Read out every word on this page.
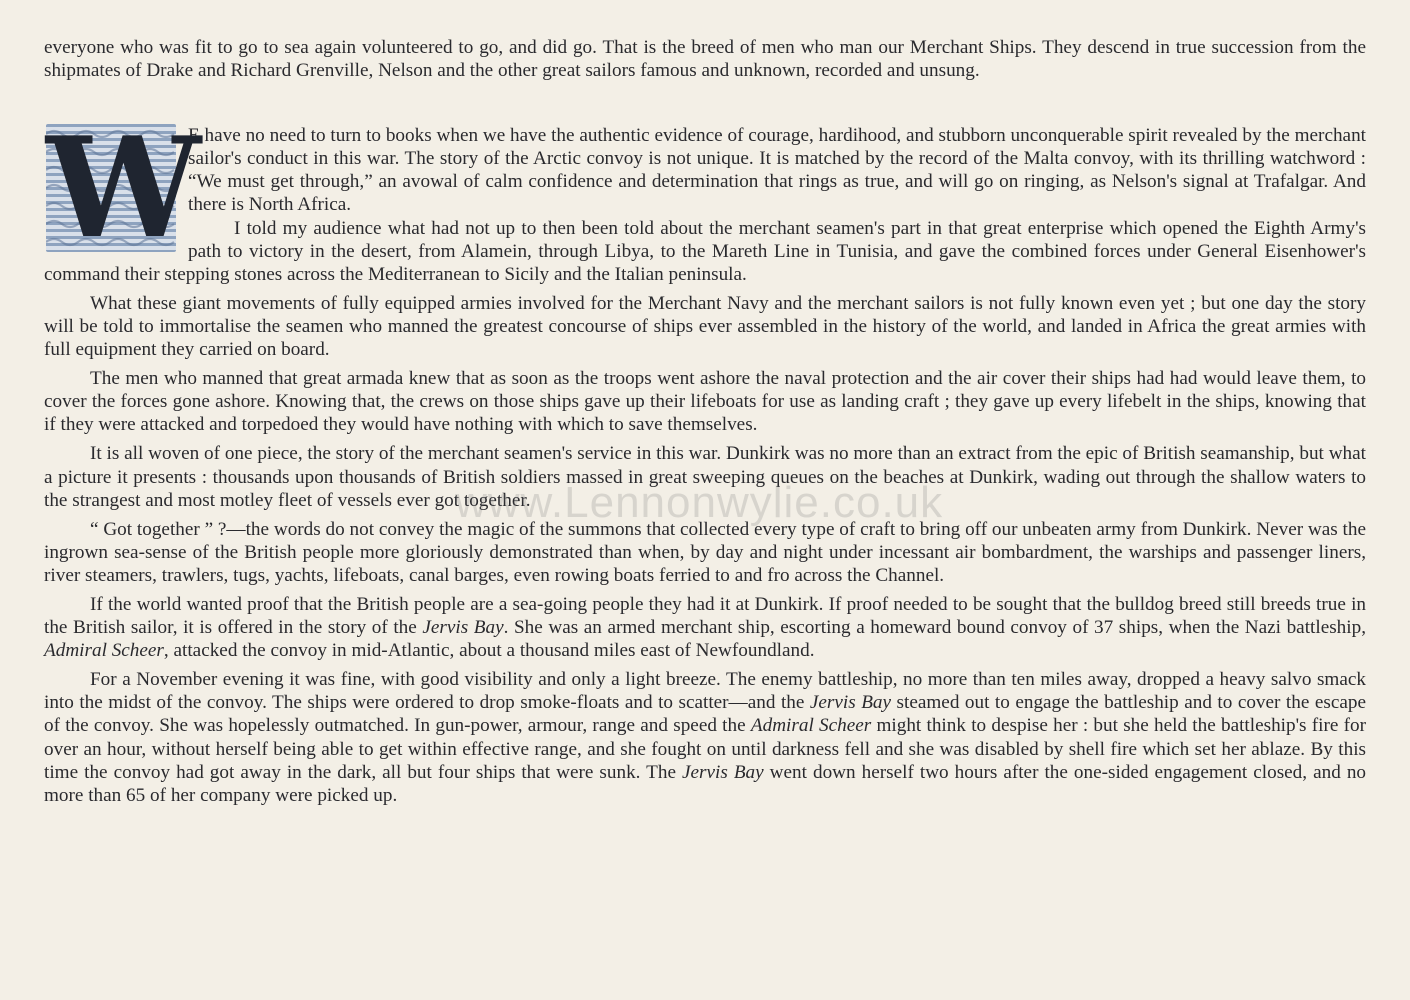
everyone who was fit to go to sea again volunteered to go, and did go. That is the breed of men who man our Merchant Ships. They descend in true succession from the shipmates of Drake and Richard Grenville, Nelson and the other great sailors famous and unknown, recorded and unsung.

W

E have no need to turn to books when we have the authentic evidence of courage, hardihood, and stubborn unconquerable spirit revealed by the merchant sailor's conduct in this war. The story of the Arctic convoy is not unique. It is matched by the record of the Malta convoy, with its thrilling watchword : “We must get through,” an avowal of calm confidence and determination that rings as true, and will go on ringing, as Nelson's signal at Trafalgar. And there is North Africa.

I told my audience what had not up to then been told about the merchant seamen's part in that great enterprise which opened the Eighth Army's path to victory in the desert, from Alamein, through Libya, to the Mareth Line in Tunisia, and gave the combined forces under General Eisenhower's command their stepping stones across the Mediterranean to Sicily and the Italian peninsula.

What these giant movements of fully equipped armies involved for the Merchant Navy and the merchant sailors is not fully known even yet ; but one day the story will be told to immortalise the seamen who manned the greatest concourse of ships ever assembled in the history of the world, and landed in Africa the great armies with full equipment they carried on board.

The men who manned that great armada knew that as soon as the troops went ashore the naval protection and the air cover their ships had had would leave them, to cover the forces gone ashore. Knowing that, the crews on those ships gave up their lifeboats for use as landing craft ; they gave up every lifebelt in the ships, knowing that if they were attacked and torpedoed they would have nothing with which to save themselves.

It is all woven of one piece, the story of the merchant seamen's service in this war. Dunkirk was no more than an extract from the epic of British seamanship, but what a picture it presents : thousands upon thousands of British soldiers massed in great sweeping queues on the beaches at Dunkirk, wading out through the shallow waters to the strangest and most motley fleet of vessels ever got together.

“ Got together ” ?—the words do not convey the magic of the summons that collected every type of craft to bring off our unbeaten army from Dunkirk. Never was the ingrown sea-sense of the British people more gloriously demonstrated than when, by day and night under incessant air bombardment, the warships and passenger liners, river steamers, trawlers, tugs, yachts, lifeboats, canal barges, even rowing boats ferried to and fro across the Channel.

If the world wanted proof that the British people are a sea-going people they had it at Dunkirk. If proof needed to be sought that the bulldog breed still breeds true in the British sailor, it is offered in the story of the Jervis Bay. She was an armed merchant ship, escorting a homeward bound convoy of 37 ships, when the Nazi battleship, Admiral Scheer, attacked the convoy in mid-Atlantic, about a thousand miles east of Newfoundland.

For a November evening it was fine, with good visibility and only a light breeze. The enemy battleship, no more than ten miles away, dropped a heavy salvo smack into the midst of the convoy. The ships were ordered to drop smoke-floats and to scatter—and the Jervis Bay steamed out to engage the battleship and to cover the escape of the convoy. She was hopelessly outmatched. In gun-power, armour, range and speed the Admiral Scheer might think to despise her : but she held the battleship's fire for over an hour, without herself being able to get within effective range, and she fought on until darkness fell and she was disabled by shell fire which set her ablaze. By this time the convoy had got away in the dark, all but four ships that were sunk. The Jervis Bay went down herself two hours after the one-sided engagement closed, and no more than 65 of her company were picked up.

www.Lennonwylie.co.uk
